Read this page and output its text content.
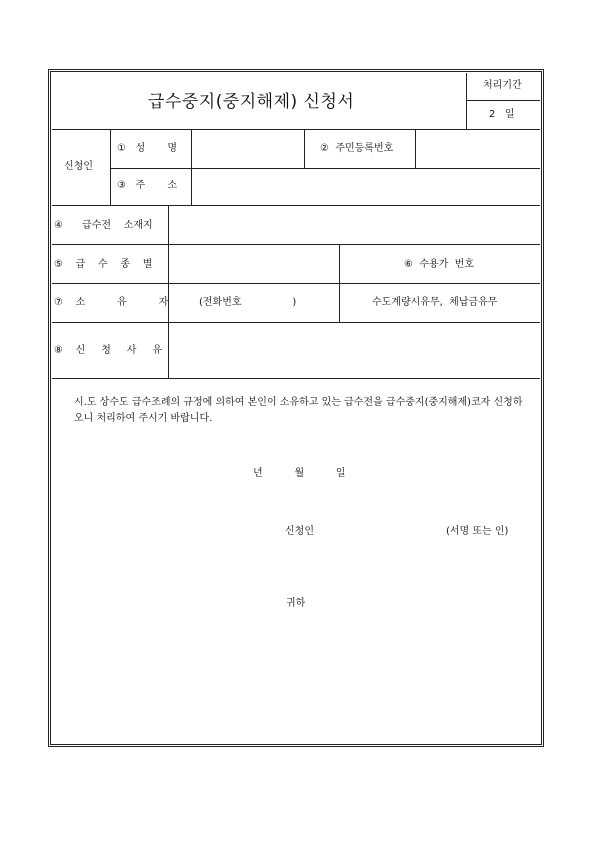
급수중지(중지해제) 신청서
처리기간
2   일
신청인
①   성       명	②  주민등록번호
③   주       소
④      급수전    소재지
⑤    급    수    종    별	⑥  수용가  번호
⑦    소          유          자	(전화번호                )	수도계량시유무,  체납금유무
⑧    신     청     사     유
시.도 상수도 급수조례의 규정에 의하여 본인이 소유하고 있는 급수전을 급수중지(중지해제)코자 신청하오니 처리하여 주시기 바랍니다.
년          월          일
신청인	(서명 또는 인)
귀하
